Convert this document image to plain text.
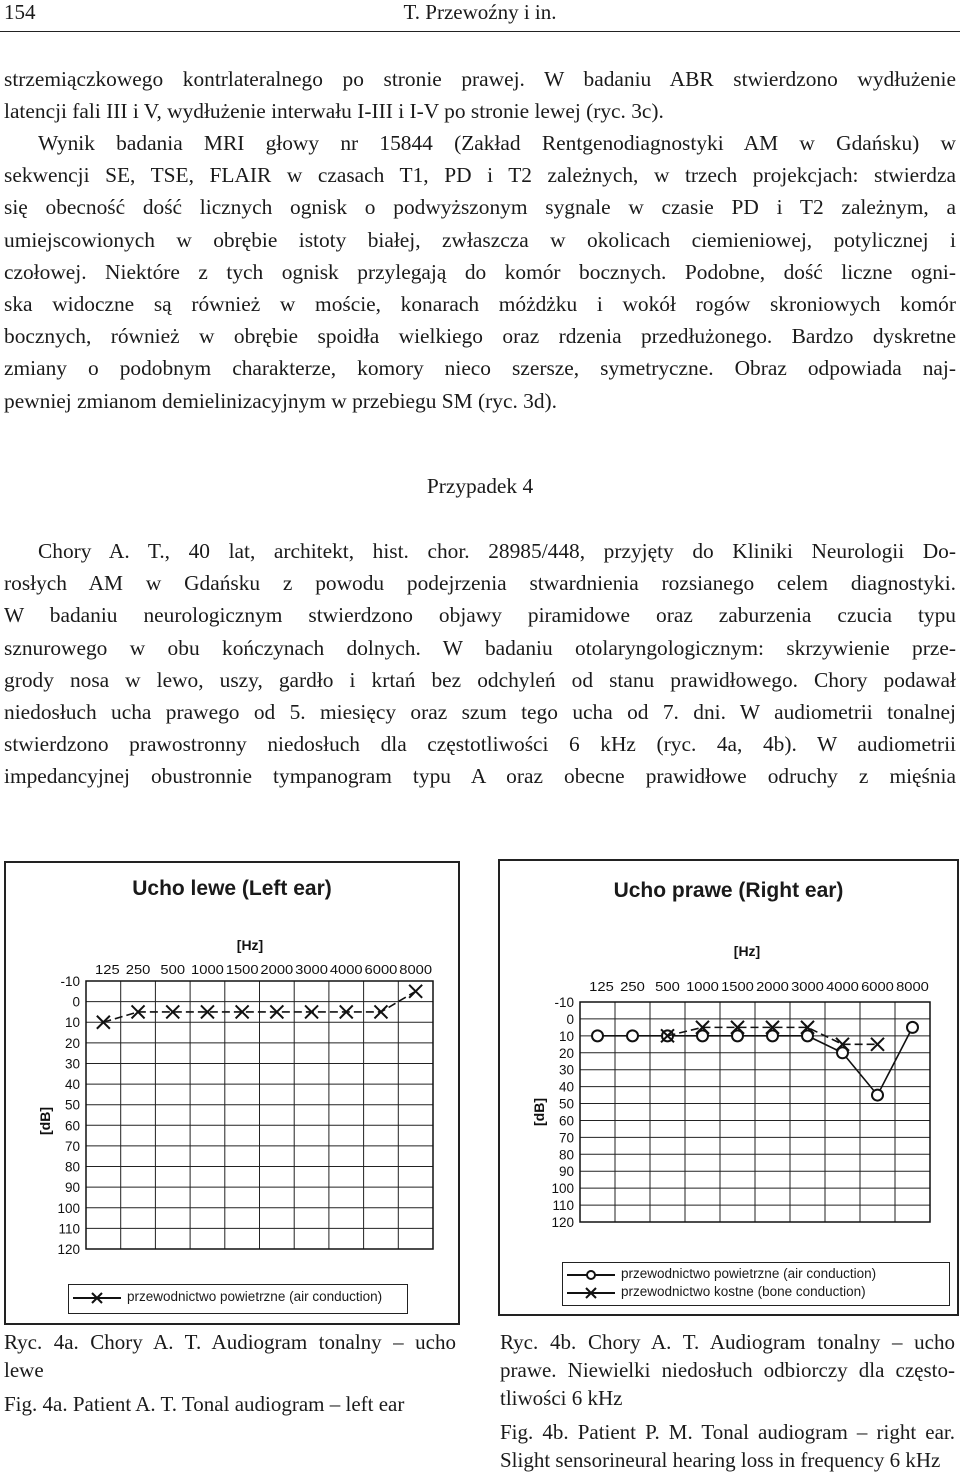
154	T. Przewoźny i in.
strzemiączkowego kontrlateralnego po stronie prawej. W badaniu ABR stwierdzono wydłużenie
latencji fali III i V, wydłużenie interwału I-III i I-V po stronie lewej (ryc. 3c).
Wynik badania MRI głowy nr 15844 (Zakład Rentgenodiagnostyki AM w Gdańsku) w
sekwencji SE, TSE, FLAIR w czasach T1, PD i T2 zależnych, w trzech projekcjach: stwierdza
się obecność dość licznych ognisk o podwyższonym sygnale w czasie PD i T2 zależnym, a
umiejscowionych w obrębie istoty białej, zwłaszcza w okolicach ciemieniowej, potylicznej i
czołowej. Niektóre z tych ognisk przylegają do komór bocznych. Podobne, dość liczne ogni-
ska widoczne są również w moście, konarach móżdżku i wokół rogów skroniowych komór
bocznych, również w obrębie spoidła wielkiego oraz rdzenia przedłużonego. Bardzo dyskretne
zmiany o podobnym charakterze, komory nieco szersze, symetryczne. Obraz odpowiada naj-
pewniej zmianom demielinizacyjnym w przebiegu SM (ryc. 3d).
Przypadek 4
Chory A. T., 40 lat, architekt, hist. chor. 28985/448, przyjęty do Kliniki Neurologii Do-
rosłych AM w Gdańsku z powodu podejrzenia stwardnienia rozsianego celem diagnostyki.
W badaniu neurologicznym stwierdzono objawy piramidowe oraz zaburzenia czucia typu
sznurowego w obu kończynach dolnych. W badaniu otolaryngologicznym: skrzywienie prze-
grody nosa w lewo, uszy, gardło i krtań bez odchyleń od stanu prawidłowego. Chory podawał
niedosłuch ucha prawego od 5. miesięcy oraz szum tego ucha od 7. dni. W audiometrii tonalnej
stwierdzono prawostronny niedosłuch dla częstotliwości 6 kHz (ryc. 4a, 4b). W audiometrii
impedancyjnej obustronnie tympanogram typu A oraz obecne prawidłowe odruchy z mięśnia
Ucho lewe (Left ear)
-10
0
10
20
30
40
50
60
70
80
90
100
110
120
125 250 500 1000 1500 2000 3000 4000 6000 8000
[Hz]
[dB]
przewodnictwo powietrzne (air conduction)
Ucho prawe (Right ear)
-10
0
10
20
30
40
50
60
70
80
90
100
110
120
125 250 500 1000 1500 2000 3000 4000 6000 8000
[Hz]
[dB]
przewodnictwo powietrzne (air conduction)
przewodnictwo kostne (bone conduction)
Ryc. 4a. Chory A. T. Audiogram tonalny – ucho
lewe
Fig. 4a. Patient A. T. Tonal audiogram – left ear
Ryc. 4b. Chory A. T. Audiogram tonalny – ucho
prawe. Niewielki niedosłuch odbiorczy dla często-
tliwości 6 kHz
Fig. 4b. Patient P. M. Tonal audiogram – right ear.
Slight sensorineural hearing loss in frequency 6 kHz
